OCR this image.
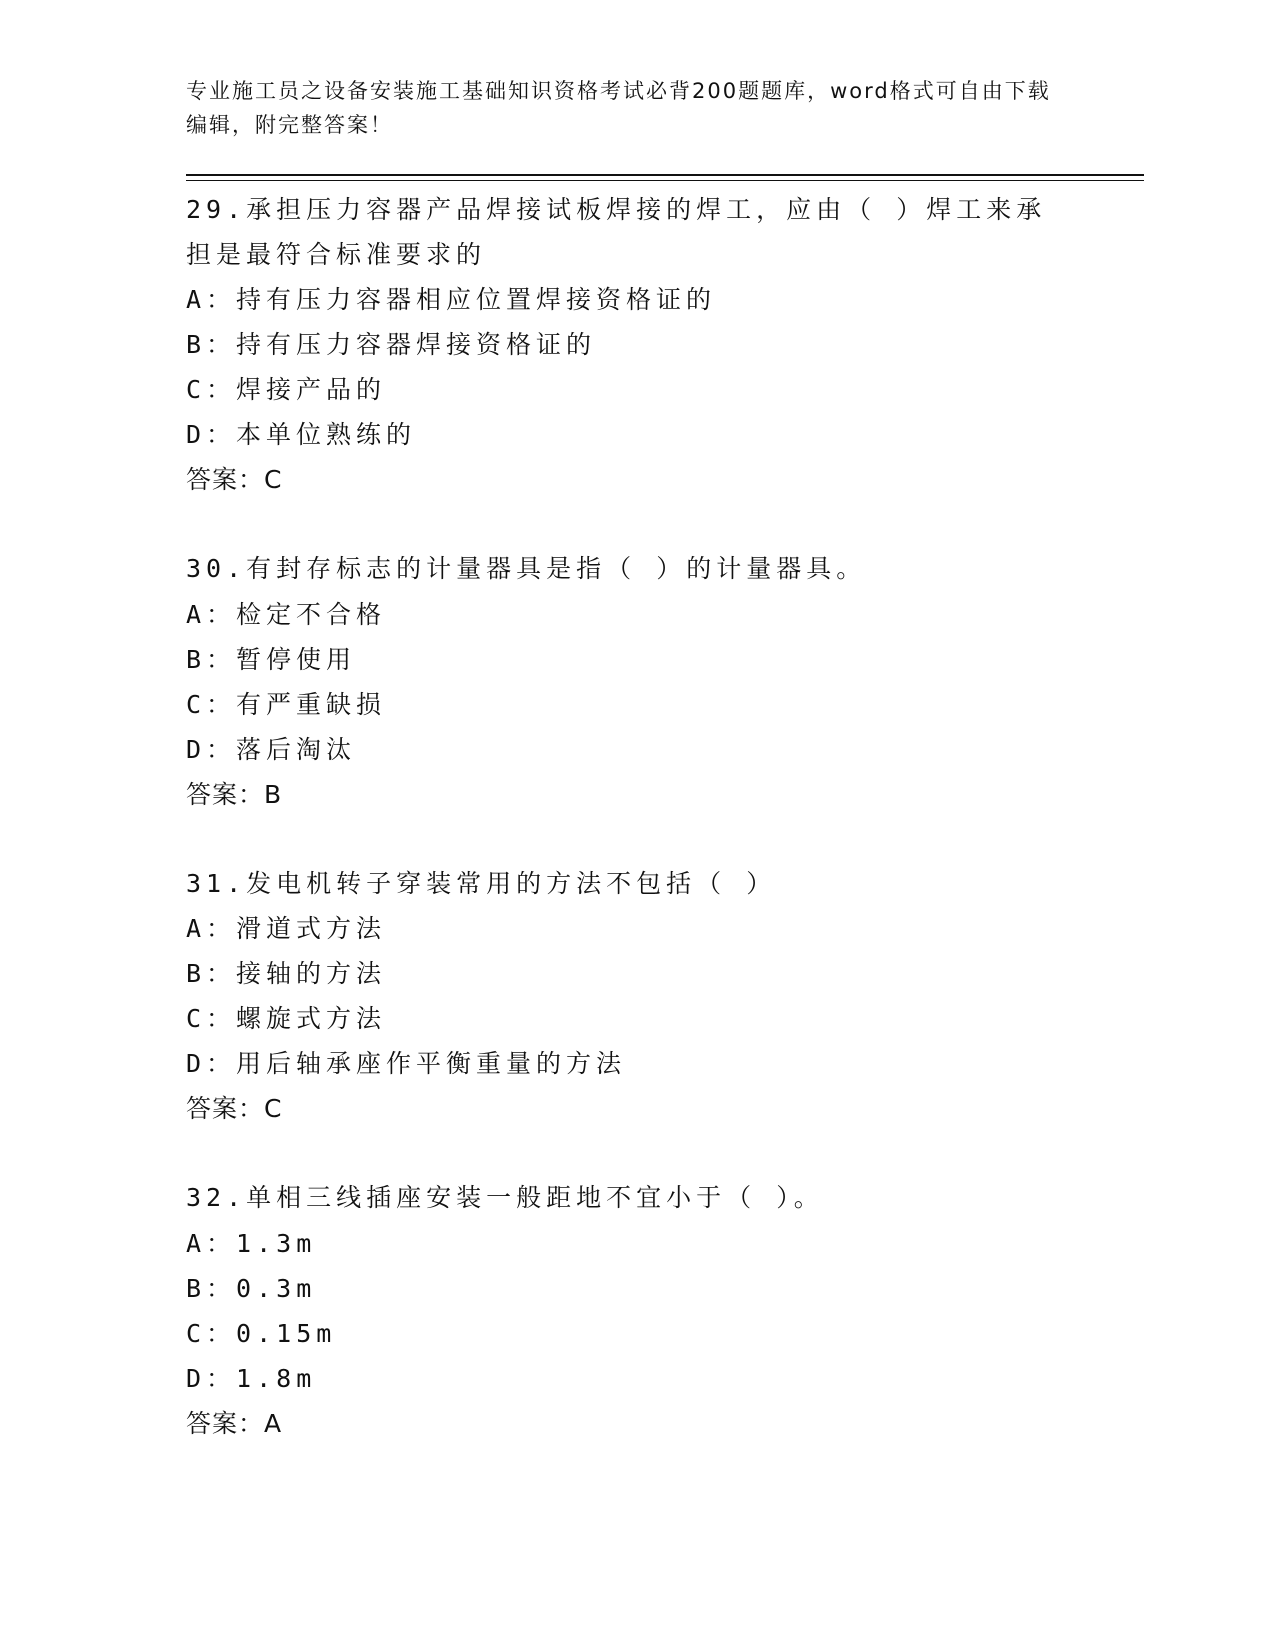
专业施工员之设备安装施工基础知识资格考试必背200题题库，word格式可自由下载编辑，附完整答案！

29.承担压力容器产品焊接试板焊接的焊工，应由（ ）焊工来承担是最符合标准要求的

A：持有压力容器相应位置焊接资格证的

B：持有压力容器焊接资格证的

C：焊接产品的

D：本单位熟练的

答案：C

30.有封存标志的计量器具是指（ ）的计量器具。

A：检定不合格

B：暂停使用

C：有严重缺损

D：落后淘汰

答案：B

31.发电机转子穿装常用的方法不包括（ ）

A：滑道式方法

B：接轴的方法

C：螺旋式方法

D：用后轴承座作平衡重量的方法

答案：C

32.单相三线插座安装一般距地不宜小于（ ）。

A：1.3m

B：0.3m

C：0.15m

D：1.8m

答案：A
